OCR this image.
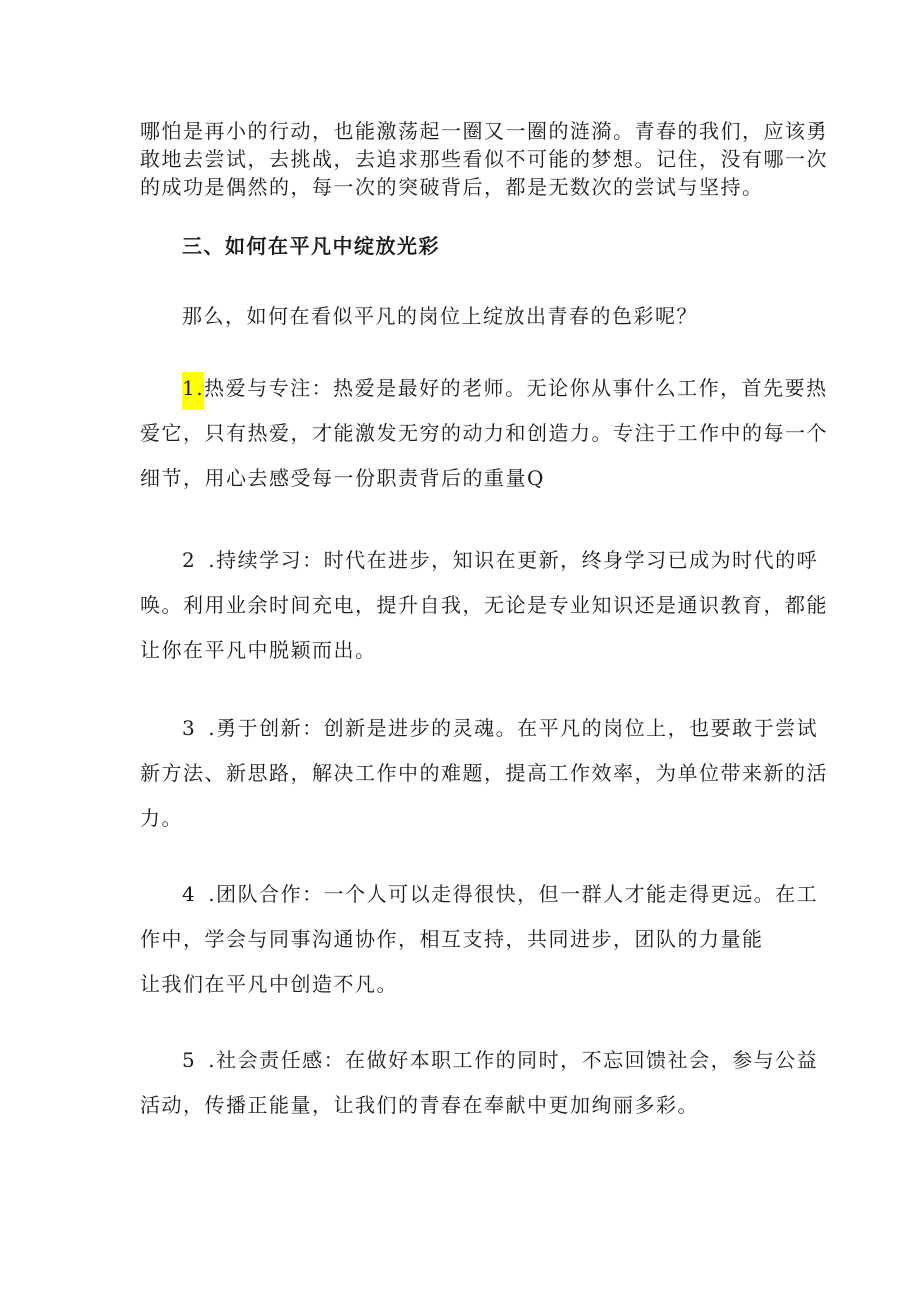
哪怕是再小的行动，也能激荡起一圈又一圈的涟漪。青春的我们，应该勇
敢地去尝试，去挑战，去追求那些看似不可能的梦想。记住，没有哪一次
的成功是偶然的，每一次的突破背后，都是无数次的尝试与坚持。
三、如何在平凡中绽放光彩
那么，如何在看似平凡的岗位上绽放出青春的色彩呢？
1.热爱与专注：热爱是最好的老师。无论你从事什么工作，首先要热
爱它，只有热爱，才能激发无穷的动力和创造力。专注于工作中的每一个
细节，用心去感受每一份职责背后的重量Q
2 .持续学习：时代在进步，知识在更新，终身学习已成为时代的呼
唤。利用业余时间充电，提升自我，无论是专业知识还是通识教育，都能
让你在平凡中脱颖而出。
3 .勇于创新：创新是进步的灵魂。在平凡的岗位上，也要敢于尝试
新方法、新思路，解决工作中的难题，提高工作效率，为单位带来新的活
力。
4 .团队合作：一个人可以走得很快，但一群人才能走得更远。在工
作中，学会与同事沟通协作，相互支持，共同进步，团队的力量能
让我们在平凡中创造不凡。
5 .社会责任感：在做好本职工作的同时，不忘回馈社会，参与公益
活动，传播正能量，让我们的青春在奉献中更加绚丽多彩。
